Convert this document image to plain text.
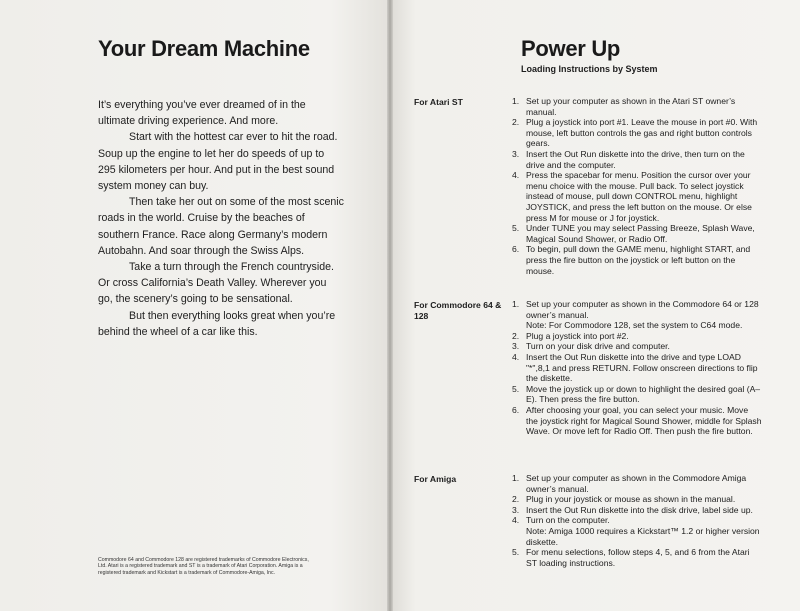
Your Dream Machine

It’s everything you’ve ever dreamed of in the ultimate driving experience. And more.

Start with the hottest car ever to hit the road. Soup up the engine to let her do speeds of up to 295 kilometers per hour. And put in the best sound system money can buy.

Then take her out on some of the most scenic roads in the world. Cruise by the beaches of southern France. Race along Germany’s modern Autobahn. And soar through the Swiss Alps.

Take a turn through the French countryside. Or cross California’s Death Valley. Wherever you go, the scenery’s going to be sensational.

But then everything looks great when you’re behind the wheel of a car like this.

Commodore 64 and Commodore 128 are registered trademarks of Commodore Electronics, Ltd. Atari is a registered trademark and ST is a trademark of Atari Corporation. Amiga is a registered trademark and Kickstart is a trademark of Commodore-Amiga, Inc.
Power Up
Loading Instructions by System
For Atari ST	1. Set up your computer as shown in the Atari ST owner’s manual.
2. Plug a joystick into port #1. Leave the mouse in port #0. With mouse, left button controls the gas and right button controls gears.
3. Insert the Out Run diskette into the drive, then turn on the drive and the computer.
4. Press the spacebar for menu. Position the cursor over your menu choice with the mouse. Pull back. To select joystick instead of mouse, pull down CONTROL menu, highlight JOYSTICK, and press the left button on the mouse. Or else press M for mouse or J for joystick.
5. Under TUNE you may select Passing Breeze, Splash Wave, Magical Sound Shower, or Radio Off.
6. To begin, pull down the GAME menu, highlight START, and press the fire button on the joystick or left button on the mouse.
For Commodore 64 & 128
1. Set up your computer as shown in the Commodore 64 or 128 owner’s manual.
Note: For Commodore 128, set the system to C64 mode.
2. Plug a joystick into port #2.
3. Turn on your disk drive and computer.
4. Insert the Out Run diskette into the drive and type LOAD "*",8,1 and press RETURN. Follow onscreen directions to flip the diskette.
5. Move the joystick up or down to highlight the desired goal (A–E). Then press the fire button.
6. After choosing your goal, you can select your music. Move the joystick right for Magical Sound Shower, middle for Splash Wave. Or move left for Radio Off. Then push the fire button.
For Amiga	1. Set up your computer as shown in the Commodore Amiga owner’s manual.
2. Plug in your joystick or mouse as shown in the manual.
3. Insert the Out Run diskette into the disk drive, label side up.
4. Turn on the computer.
Note: Amiga 1000 requires a Kickstart™ 1.2 or higher version diskette.
5. For menu selections, follow steps 4, 5, and 6 from the Atari ST loading instructions.
